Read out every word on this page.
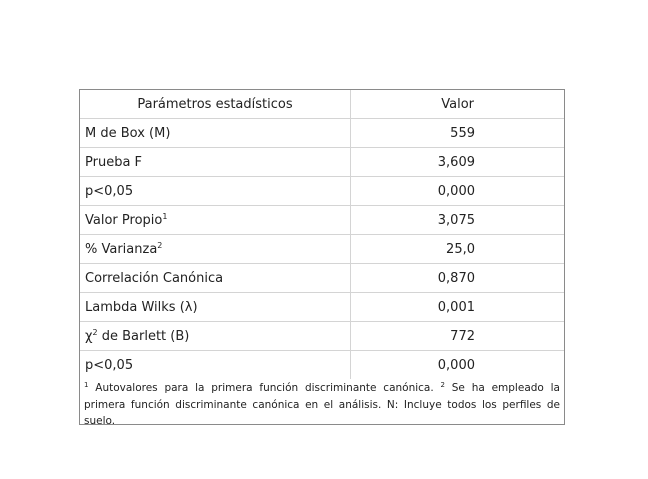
Parámetros estadísticos	Valor
M de Box (M)	559
Prueba F	3,609
p<0,05	0,000
Valor Propio$^1$	3,075
% Varianza$^2$	25,0
Correlación Canónica	0,870
Lambda Wilks (λ)	0,001
$\chi^2$ de Barlett (B)	772
p<0,05	0,000
$^1$ Autovalores para la primera función discriminante canónica. $^2$ Se ha empleado la primera función discriminante canónica en el análisis. N: Incluye todos los perfiles de suelo.
